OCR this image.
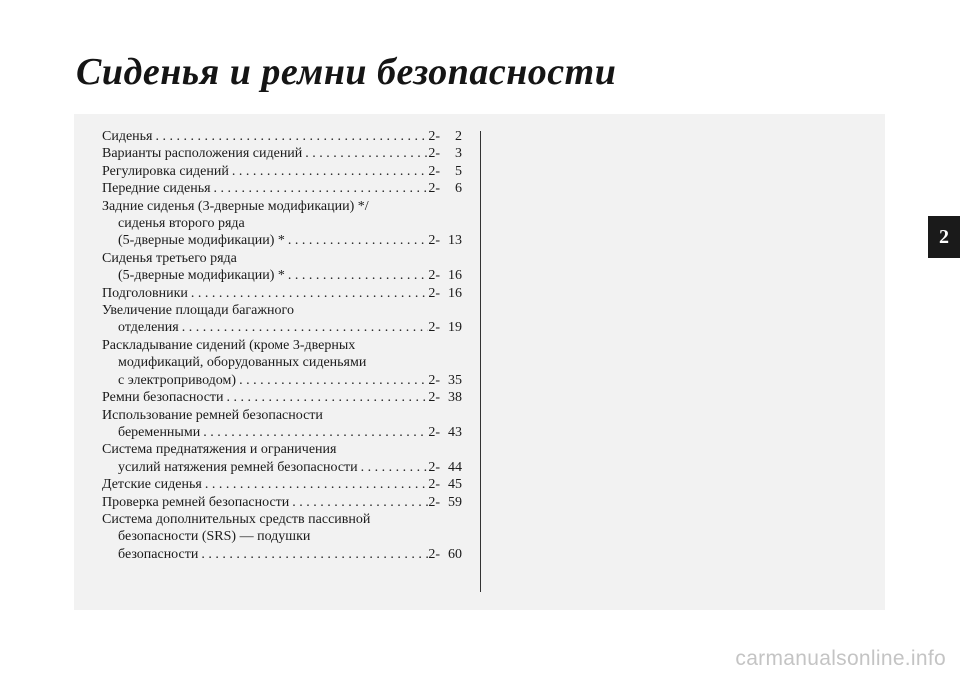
Сиденья и ремни безопасности
2
Сиденья . . .	2-	2
Варианты расположения сидений . . .	2-	3
Регулировка сидений . . .	2-	5
Передние сиденья . . .	2-	6
Задние сиденья (3-дверные модификации) */
сиденья второго ряда
(5-дверные модификации) * . . .	2- 13
Сиденья третьего ряда
(5-дверные модификации) * . . .	2- 16
Подголовники . . .	2- 16
Увеличение площади багажного
отделения . . .	2- 19
Раскладывание сидений (кроме 3-дверных
модификаций, оборудованных сиденьями
с электроприводом) . . .	2- 35
Ремни безопасности . . .	2- 38
Использование ремней безопасности
беременными . . .	2- 43
Система преднатяжения и ограничения
усилий натяжения ремней безопасности . . .	2- 44
Детские сиденья . . .	2- 45
Проверка ремней безопасности . . .	2- 59
Система дополнительных средств пассивной
безопасности (SRS) — подушки
безопасности . . .	2- 60
carmanualsonline.info
